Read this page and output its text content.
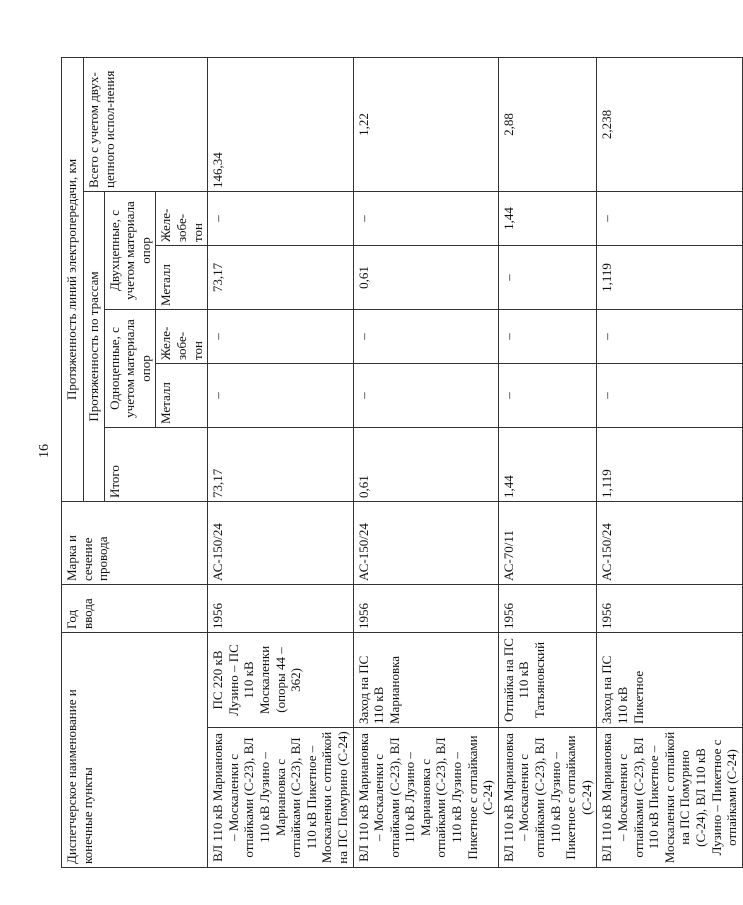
16
Диспетчерское наименование и конечные пункты		Год ввода	Марка и сечение провода	Протяженность линий электропередачи, км					
				Протяженность по трассам					Всего с учетом двух-цепного испол-нения
				Итого	Одноцепные, с учетом материала опор		Двухцепные, с учетом материала опор		
					Металл	Желе-зобе-тон	Металл	Желе-зобе-тон	
ВЛ 110 кВ Мариановка – Москаленки с отпайками (С-23), ВЛ 110 кВ Лузино – Мариановка с отпайками (С-23), ВЛ 110 кВ Пикетное – Москаленки с отпайкой на ПС Помурино (С-24)	ПС 220 кВ Лузино – ПС 110 кВ Москаленки (опоры 44 – 362)	1956	АС-150/24	73,17	–	–	73,17	–	146,34
ВЛ 110 кВ Мариановка – Москаленки с отпайками (С-23), ВЛ 110 кВ Лузино – Мариановка с отпайками (С-23), ВЛ 110 кВ Лузино – Пикетное с отпайками (С-24)	Заход на ПС 110 кВ Мариановка	1956	АС-150/24	0,61	–	–	0,61	–	1,22
ВЛ 110 кВ Мариановка – Москаленки с отпайками (С-23), ВЛ 110 кВ Лузино – Пикетное с отпайками (С-24)	Отпайка на ПС 110 кВ Татьяновский	1956	АС-70/11	1,44	–	–	–	1,44	2,88
ВЛ 110 кВ Мариановка – Москаленки с отпайками (С-23), ВЛ 110 кВ Пикетное – Москаленки с отпайкой на ПС Помурино (С-24), ВЛ 110 кВ Лузино – Пикетное с отпайками (С-24)	Заход на ПС 110 кВ Пикетное	1956	АС-150/24	1,119	–	–	1,119	–	2,238
